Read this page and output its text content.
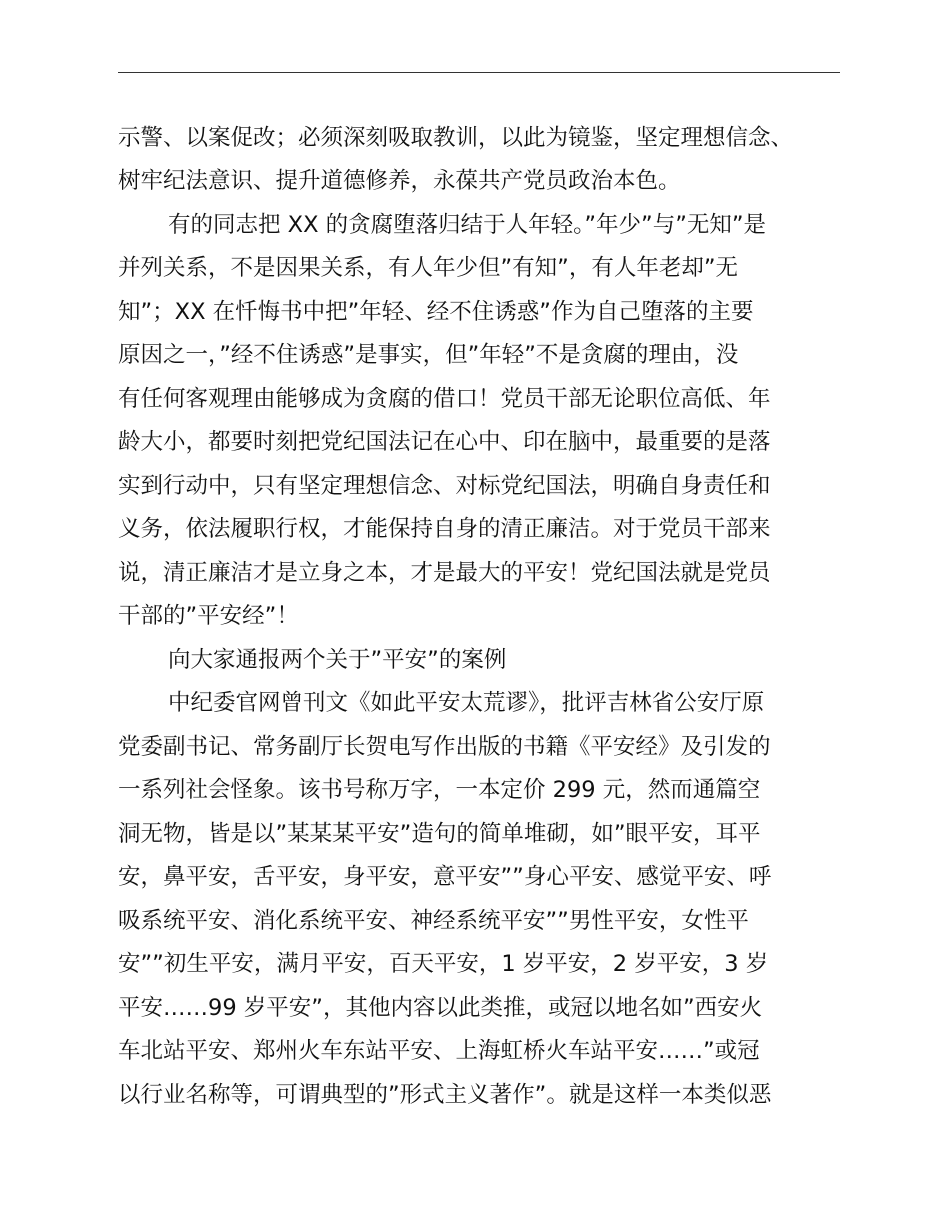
示警、以案促改；必须深刻吸取教训，以此为镜鉴，坚定理想信念、

树牢纪法意识、提升道德修养，永葆共产党员政治本色。

有的同志把 XX 的贪腐堕落归结于人年轻。”年少”与”无知”是

并列关系，不是因果关系，有人年少但”有知”，有人年老却”无

知”；XX 在忏悔书中把”年轻、经不住诱惑”作为自己堕落的主要

原因之一，”经不住诱惑”是事实，但”年轻”不是贪腐的理由，没

有任何客观理由能够成为贪腐的借口！党员干部无论职位高低、年

龄大小，都要时刻把党纪国法记在心中、印在脑中，最重要的是落

实到行动中，只有坚定理想信念、对标党纪国法，明确自身责任和

义务，依法履职行权，才能保持自身的清正廉洁。对于党员干部来

说，清正廉洁才是立身之本，才是最大的平安！党纪国法就是党员

干部的”平安经”！

向大家通报两个关于”平安”的案例

中纪委官网曾刊文《如此平安太荒谬》，批评吉林省公安厅原

党委副书记、常务副厅长贺电写作出版的书籍《平安经》及引发的

一系列社会怪象。该书号称万字，一本定价 299 元，然而通篇空

洞无物，皆是以”某某某平安”造句的简单堆砌，如”眼平安，耳平

安，鼻平安，舌平安，身平安，意平安””身心平安、感觉平安、呼

吸系统平安、消化系统平安、神经系统平安””男性平安，女性平

安””初生平安，满月平安，百天平安，1 岁平安，2 岁平安，3 岁

平安……99 岁平安”，其他内容以此类推，或冠以地名如”西安火

车北站平安、郑州火车东站平安、上海虹桥火车站平安……”或冠

以行业名称等，可谓典型的”形式主义著作”。就是这样一本类似恶
